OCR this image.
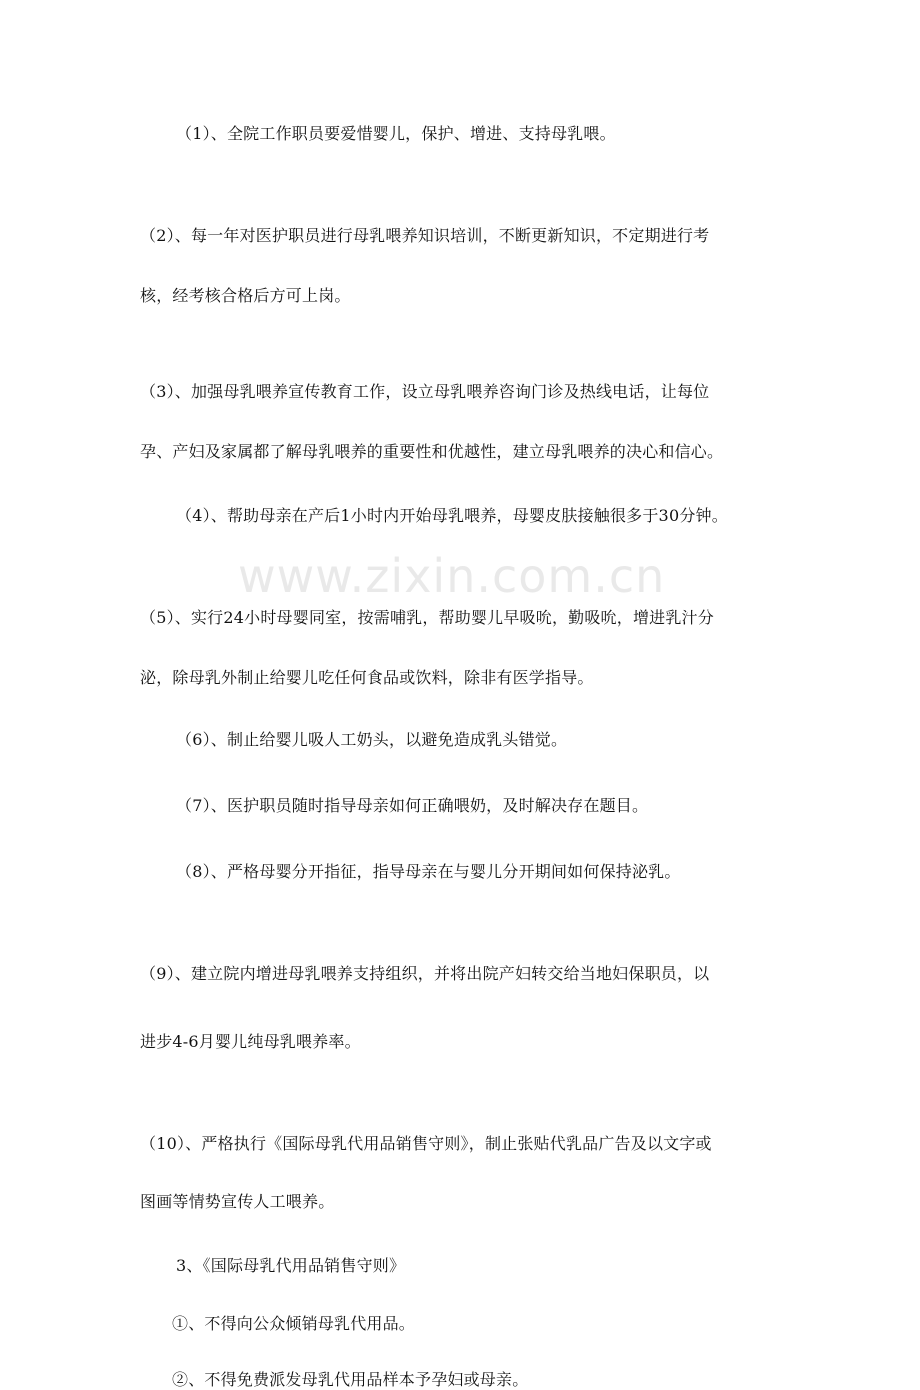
www.zixin.com.cn
（1）、全院工作职员要爱惜婴儿，保护、增进、支持母乳喂。
（2）、每一年对医护职员进行母乳喂养知识培训，不断更新知识，不定期进行考
核，经考核合格后方可上岗。
（3）、加强母乳喂养宣传教育工作，设立母乳喂养咨询门诊及热线电话，让每位
孕、产妇及家属都了解母乳喂养的重要性和优越性，建立母乳喂养的决心和信心。
（4）、帮助母亲在产后1小时内开始母乳喂养，母婴皮肤接触很多于30分钟。
（5）、实行24小时母婴同室，按需哺乳，帮助婴儿早吸吮，勤吸吮，增进乳汁分
泌，除母乳外制止给婴儿吃任何食品或饮料，除非有医学指导。
（6）、制止给婴儿吸人工奶头，以避免造成乳头错觉。
（7）、医护职员随时指导母亲如何正确喂奶，及时解决存在题目。
（8）、严格母婴分开指征，指导母亲在与婴儿分开期间如何保持泌乳。
（9）、建立院内增进母乳喂养支持组织，并将出院产妇转交给当地妇保职员，以
进步4-6月婴儿纯母乳喂养率。
（10）、严格执行《国际母乳代用品销售守则》，制止张贴代乳品广告及以文字或
图画等情势宣传人工喂养。
3、《国际母乳代用品销售守则》
①、不得向公众倾销母乳代用品。
②、不得免费派发母乳代用品样本予孕妇或母亲。
